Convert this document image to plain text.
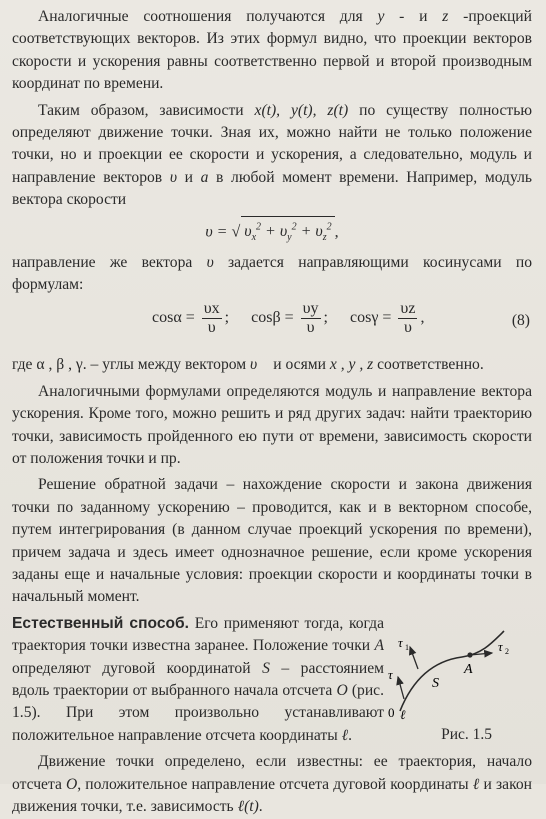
Аналогичные соотношения получаются для y - и z -проекций соответствующих векторов. Из этих формул видно, что проекции векторов скорости и ускорения равны соответственно первой и второй производным координат по времени.

Таким образом, зависимости x(t), y(t), z(t) по существу полностью определяют движение точки. Зная их, можно найти не только положение точки, но и проекции ее скорости и ускорения, а следовательно, модуль и направление векторов υ и a в любой момент времени. Например, модуль вектора скорости

υ = √ $\upsilon_x^2 + \upsilon_y^2 + \upsilon_z^2$ ,

направление же вектора υ задается направляющими косинусами по формулам:

$\cos\alpha = \frac{\upsilon x}{\upsilon}$ ; $\cos\beta = \frac{\upsilon y}{\upsilon}$ ; $\cos\gamma = \frac{\upsilon z}{\upsilon}$ ,	(8)

где α , β , γ. – углы между вектором υ⃗ и осями x , y , z соответственно.

Аналогичными формулами определяются модуль и направление вектора ускорения. Кроме того, можно решить и ряд других задач: найти траекторию точки, зависимость пройденного ею пути от времени, зависимость скорости от положения точки и пр.

Решение обратной задачи – нахождение скорости и закона движения точки по заданному ускорению – проводится, как и в векторном способе, путем интегрирования (в данном случае проекций ускорения по времени), причем задача и здесь имеет однозначное решение, если кроме ускорения заданы еще и начальные условия: проекции скорости и координаты точки в начальный момент.

Естественный способ. Его применяют тогда, когда траектория точки известна заранее. Положение точки A определяют дуговой координатой S – расстоянием вдоль траектории от выбранного начала отсчета O (рис. 1.5). При этом произвольно устанавливают положительное направление отсчета координаты ℓ.
τ 1
τ
τ 2
S
A
0 ℓ
Рис. 1.5

Движение точки определено, если известны: ее траектория, начало отсчета O, положительное направление отсчета дуговой координаты ℓ и закон движения точки, т.е. зависимость ℓ(t).
